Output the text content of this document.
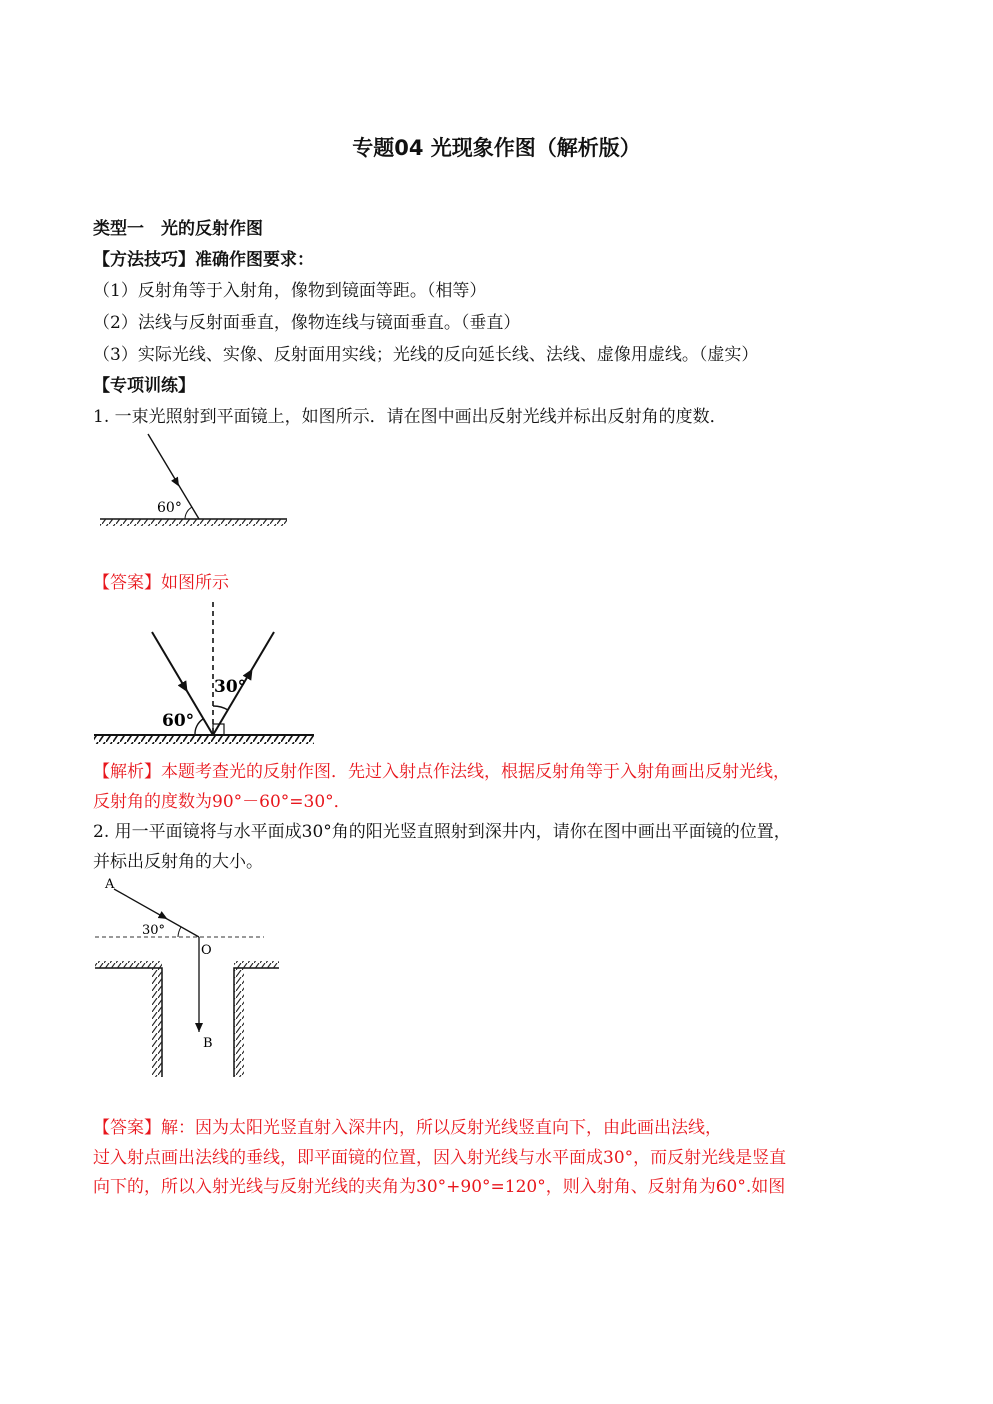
专题04 光现象作图（解析版）
类型一　光的反射作图
【方法技巧】准确作图要求：
（1）反射角等于入射角，像物到镜面等距。（相等）
（2）法线与反射面垂直，像物连线与镜面垂直。（垂直）
（3）实际光线、实像、反射面用实线；光线的反向延长线、法线、虚像用虚线。（虚实）
【专项训练】
1. 一束光照射到平面镜上，如图所示．请在图中画出反射光线并标出反射角的度数．
60°
【答案】如图所示
60°
30°
【解析】本题考查光的反射作图．先过入射点作法线，根据反射角等于入射角画出反射光线，
反射角的度数为90°－60°=30°．
2. 用一平面镜将与水平面成30°角的阳光竖直照射到深井内，请你在图中画出平面镜的位置，
并标出反射角的大小。
A
30°
O
B
【答案】解：因为太阳光竖直射入深井内，所以反射光线竖直向下，由此画出法线，
过入射点画出法线的垂线，即平面镜的位置，因入射光线与水平面成30°，而反射光线是竖直
向下的，所以入射光线与反射光线的夹角为30°+90°=120°，则入射角、反射角为60°.如图
